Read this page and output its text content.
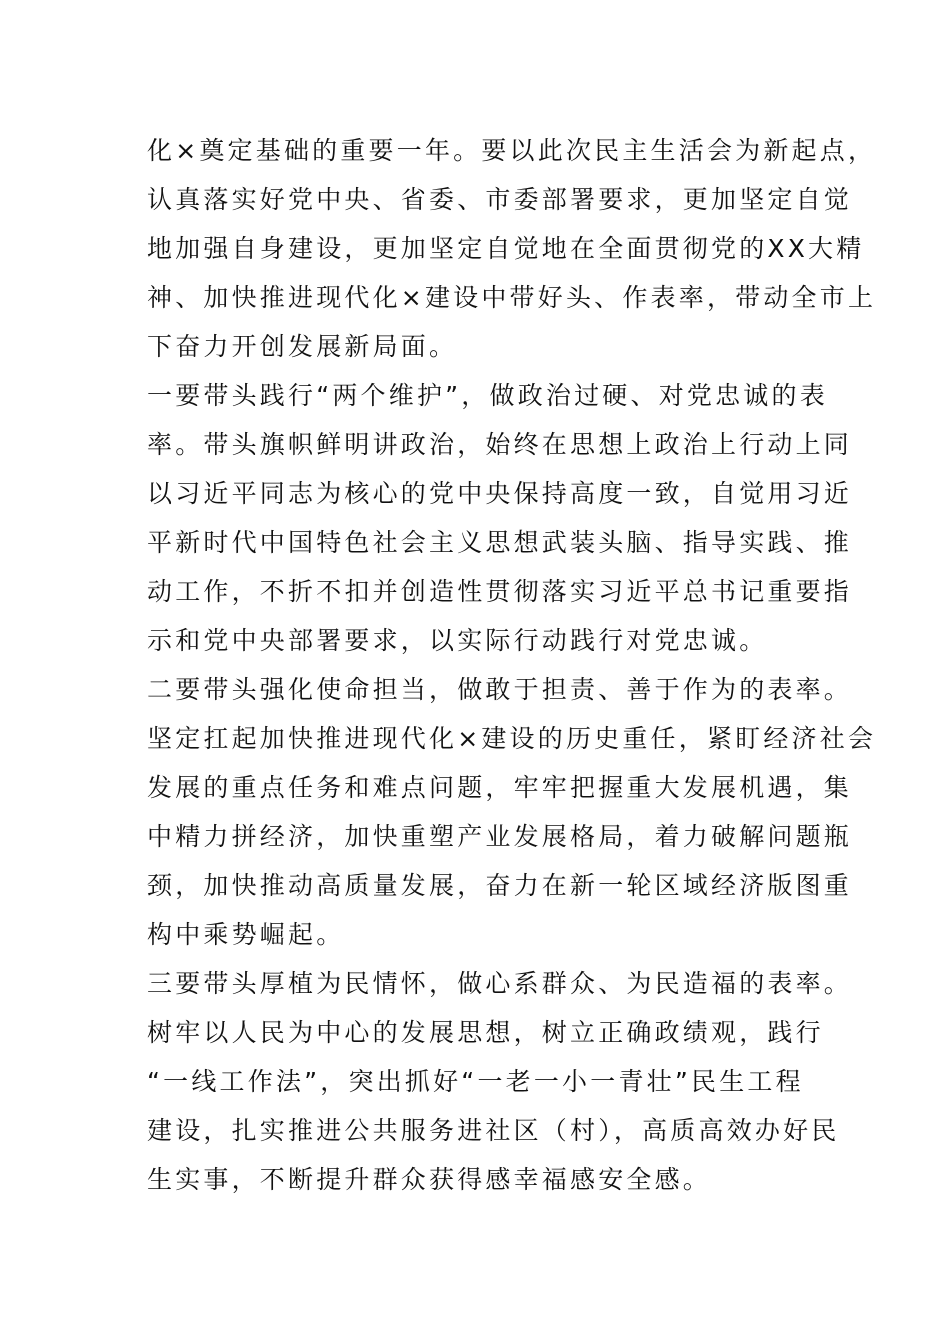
化×奠定基础的重要一年。要以此次民主生活会为新起点，
认真落实好党中央、省委、市委部署要求，更加坚定自觉
地加强自身建设，更加坚定自觉地在全面贯彻党的XX大精
神、加快推进现代化×建设中带好头、作表率，带动全市上
下奋力开创发展新局面。
一要带头践行“两个维护”，做政治过硬、对党忠诚的表
率。带头旗帜鲜明讲政治，始终在思想上政治上行动上同
以习近平同志为核心的党中央保持高度一致，自觉用习近
平新时代中国特色社会主义思想武装头脑、指导实践、推
动工作，不折不扣并创造性贯彻落实习近平总书记重要指
示和党中央部署要求，以实际行动践行对党忠诚。
二要带头强化使命担当，做敢于担责、善于作为的表率。
坚定扛起加快推进现代化×建设的历史重任，紧盯经济社会
发展的重点任务和难点问题，牢牢把握重大发展机遇，集
中精力拼经济，加快重塑产业发展格局，着力破解问题瓶
颈，加快推动高质量发展，奋力在新一轮区域经济版图重
构中乘势崛起。
三要带头厚植为民情怀，做心系群众、为民造福的表率。
树牢以人民为中心的发展思想，树立正确政绩观，践行
“一线工作法”，突出抓好“一老一小一青壮”民生工程
建设，扎实推进公共服务进社区（村），高质高效办好民
生实事，不断提升群众获得感幸福感安全感。
